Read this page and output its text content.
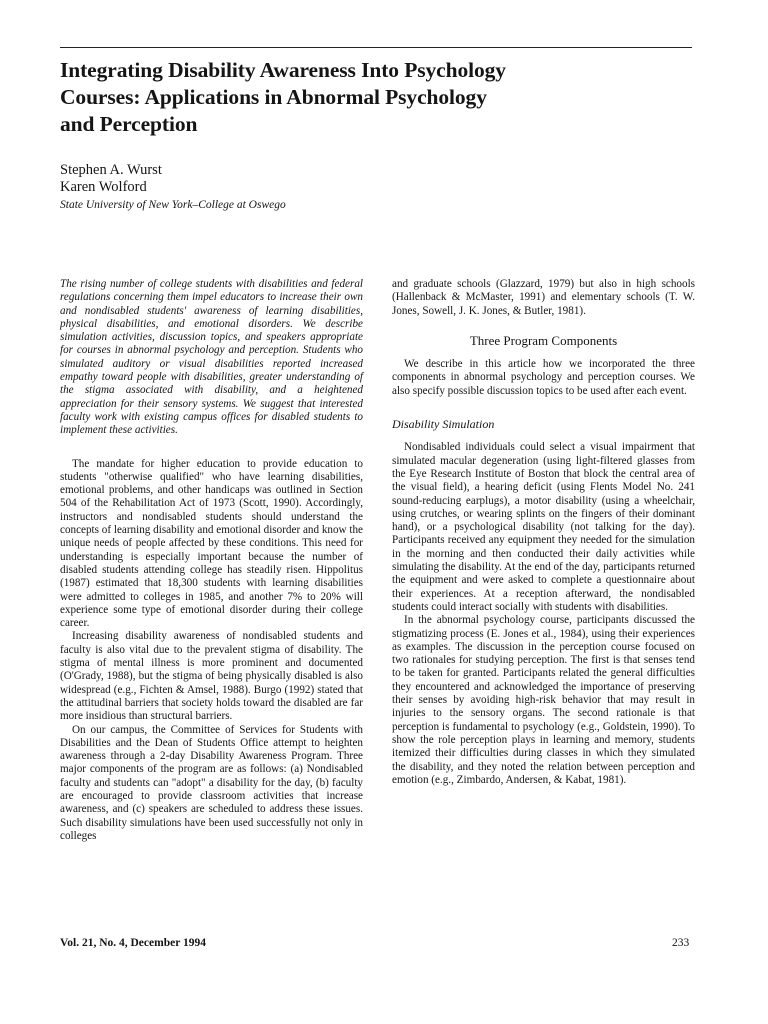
Integrating Disability Awareness Into Psychology
Courses: Applications in Abnormal Psychology
and Perception
Stephen A. Wurst
Karen Wolford
State University of New York–College at Oswego

The rising number of college students with disabilities and federal regulations concerning them impel educators to increase their own and nondisabled students' awareness of learning disabilities, physical disabilities, and emotional disorders. We describe simulation activities, discussion topics, and speakers appropriate for courses in abnormal psychology and perception. Students who simulated auditory or visual disabilities reported increased empathy toward people with disabilities, greater understanding of the stigma associated with disability, and a heightened appreciation for their sensory systems. We suggest that interested faculty work with existing campus offices for disabled students to implement these activities.

The mandate for higher education to provide education to students "otherwise qualified" who have learning disabilities, emotional problems, and other handicaps was outlined in Section 504 of the Rehabilitation Act of 1973 (Scott, 1990). Accordingly, instructors and nondisabled students should understand the concepts of learning disability and emotional disorder and know the unique needs of people affected by these conditions. This need for understanding is especially important because the number of disabled students attending college has steadily risen. Hippolitus (1987) estimated that 18,300 students with learning disabilities were admitted to colleges in 1985, and another 7% to 20% will experience some type of emotional disorder during their college career.

Increasing disability awareness of nondisabled students and faculty is also vital due to the prevalent stigma of disability. The stigma of mental illness is more prominent and documented (O'Grady, 1988), but the stigma of being physically disabled is also widespread (e.g., Fichten & Amsel, 1988). Burgo (1992) stated that the attitudinal barriers that society holds toward the disabled are far more insidious than structural barriers.

On our campus, the Committee of Services for Students with Disabilities and the Dean of Students Office attempt to heighten awareness through a 2-day Disability Awareness Program. Three major components of the program are as follows: (a) Nondisabled faculty and students can "adopt" a disability for the day, (b) faculty are encouraged to provide classroom activities that increase awareness, and (c) speakers are scheduled to address these issues. Such disability simulations have been used successfully not only in colleges

and graduate schools (Glazzard, 1979) but also in high schools (Hallenback & McMaster, 1991) and elementary schools (T. W. Jones, Sowell, J. K. Jones, & Butler, 1981).

Three Program Components

We describe in this article how we incorporated the three components in abnormal psychology and perception courses. We also specify possible discussion topics to be used after each event.

Disability Simulation

Nondisabled individuals could select a visual impairment that simulated macular degeneration (using light-filtered glasses from the Eye Research Institute of Boston that block the central area of the visual field), a hearing deficit (using Flents Model No. 241 sound-reducing earplugs), a motor disability (using a wheelchair, using crutches, or wearing splints on the fingers of their dominant hand), or a psychological disability (not talking for the day). Participants received any equipment they needed for the simulation in the morning and then conducted their daily activities while simulating the disability. At the end of the day, participants returned the equipment and were asked to complete a questionnaire about their experiences. At a reception afterward, the nondisabled students could interact socially with students with disabilities.

In the abnormal psychology course, participants discussed the stigmatizing process (E. Jones et al., 1984), using their experiences as examples. The discussion in the perception course focused on two rationales for studying perception. The first is that senses tend to be taken for granted. Participants related the general difficulties they encountered and acknowledged the importance of preserving their senses by avoiding high-risk behavior that may result in injuries to the sensory organs. The second rationale is that perception is fundamental to psychology (e.g., Goldstein, 1990). To show the role perception plays in learning and memory, students itemized their difficulties during classes in which they simulated the disability, and they noted the relation between perception and emotion (e.g., Zimbardo, Andersen, & Kabat, 1981).

Vol. 21, No. 4, December 1994	233
